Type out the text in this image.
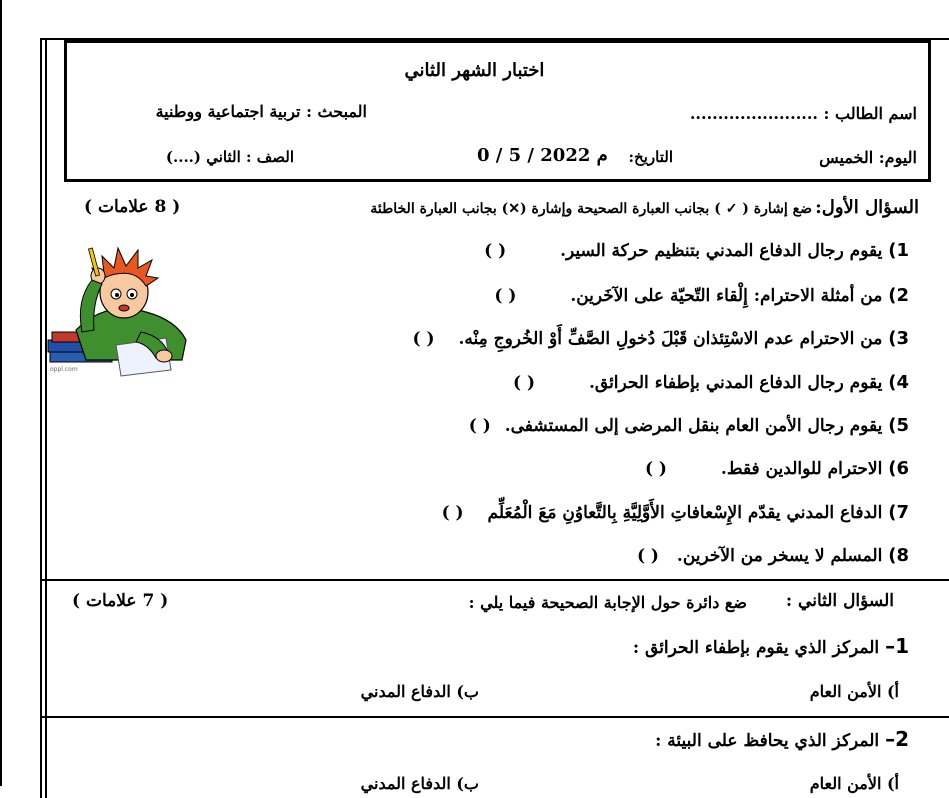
اختبار الشهر الثاني
اسم الطالب : .......................
المبحث : تربية اجتماعية ووطنية
اليوم: الخميس
التاريخ:
0 / 5 / 2022 م
الصف : الثاني (....)
السؤال الأول:
ضع إشارة ( ✓ ) بجانب العبارة الصحيحة وإشارة (✕) بجانب العبارة الخاطئة
( 8 علامات )
1) يقوم رجال الدفاع المدني بتنظيم حركة السير. ( )
2) من أمثلة الاحترام: إِلْقاء التّحيّة على الآخَرين. ( )
3) من الاحترام عدم الاسْتِئذان قَبْلَ دُخولِ الصَّفِّ أَوْ الخُروجِ مِنْه. ( )
4) يقوم رجال الدفاع المدني بإطفاء الحرائق. ( )
5) يقوم رجال الأمن العام بنقل المرضى إلى المستشفى. ( )
6) الاحترام للوالدين فقط. ( )
7) الدفاع المدني يقدّم الإِسْعافاتِ الأَوَّلِيَّةِ بِالتَّعاوُنِ مَعَ الْمُعَلِّم ( )
8) المسلم لا يسخر من الآخرين. ( )
oppl.com
السؤال الثاني :
ضع دائرة حول الإجابة الصحيحة فيما يلي :
( 7 علامات )
1– المركز الذي يقوم بإطفاء الحرائق :
أ) الأمن العام
ب) الدفاع المدني
2– المركز الذي يحافظ على البيئة :
أ) الأمن العام
ب) الدفاع المدني
